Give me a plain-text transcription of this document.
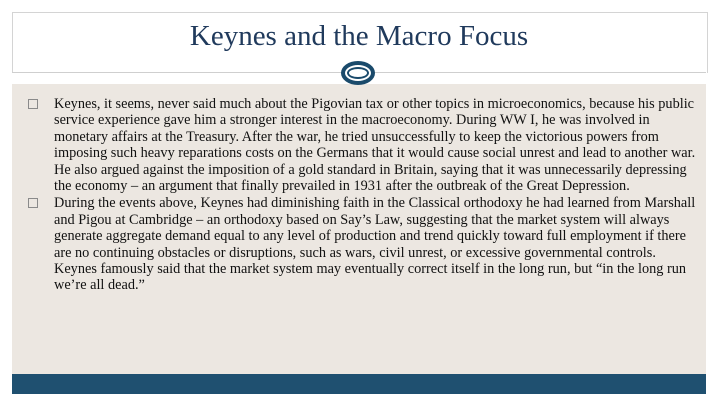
Keynes and the Macro Focus
Keynes, it seems, never said much about the Pigovian tax or other topics in microeconomics, because his public service experience gave him a stronger interest in the macroeconomy. During WW I, he was involved in monetary affairs at the Treasury. After the war, he tried unsuccessfully to keep the victorious powers from imposing such heavy reparations costs on the Germans that it would cause social unrest and lead to another war. He also argued against the imposition of a gold standard in Britain, saying that it was unnecessarily depressing the economy – an argument that finally prevailed in 1931 after the outbreak of the Great Depression.
During the events above, Keynes had diminishing faith in the Classical orthodoxy he had learned from Marshall and Pigou at Cambridge – an orthodoxy based on Say’s Law, suggesting that the market system will always generate aggregate demand equal to any level of production and trend quickly toward full employment if there are no continuing obstacles or disruptions, such as wars, civil unrest, or excessive governmental controls. Keynes famously said that the market system may eventually correct itself in the long run, but “in the long run we’re all dead.”
